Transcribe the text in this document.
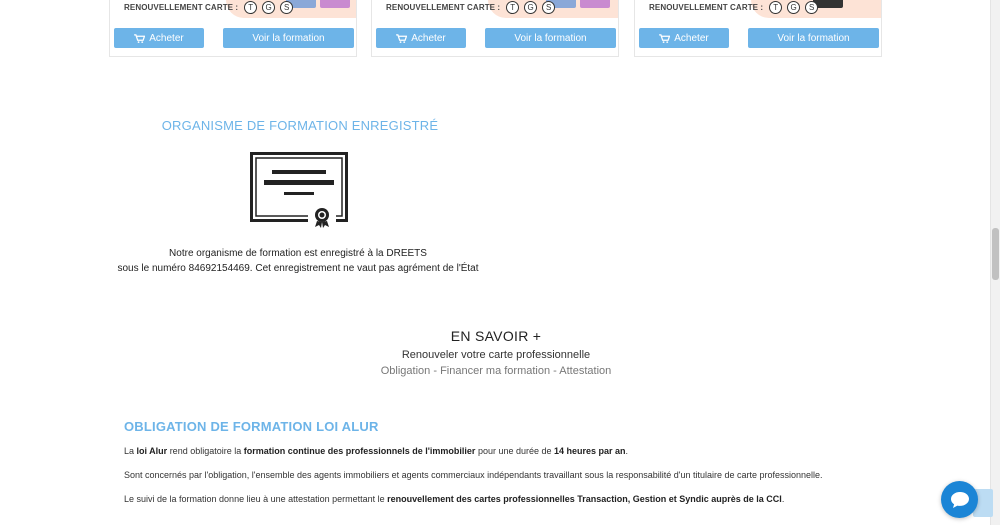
RENOUVELLEMENT CARTE :	T	G	S
Acheter	Voir la formation
RENOUVELLEMENT CARTE :	T	G	S
Acheter	Voir la formation
RENOUVELLEMENT CARTE :	T	G	S
Acheter	Voir la formation
ORGANISME DE FORMATION ENREGISTRÉ
Notre organisme de formation est enregistré à la DREETS
sous le numéro 84692154469. Cet enregistrement ne vaut pas agrément de l'État
EN SAVOIR +
Renouveler votre carte professionnelle
Obligation - Financer ma formation - Attestation
OBLIGATION DE FORMATION LOI ALUR
La loi Alur rend obligatoire la formation continue des professionnels de l'immobilier pour une durée de 14 heures par an.
Sont concernés par l'obligation, l'ensemble des agents immobiliers et agents commerciaux indépendants travaillant sous la responsabilité d'un titulaire de carte professionnelle.
Le suivi de la formation donne lieu à une attestation permettant le renouvellement des cartes professionnelles Transaction, Gestion et Syndic auprès de la CCI.
